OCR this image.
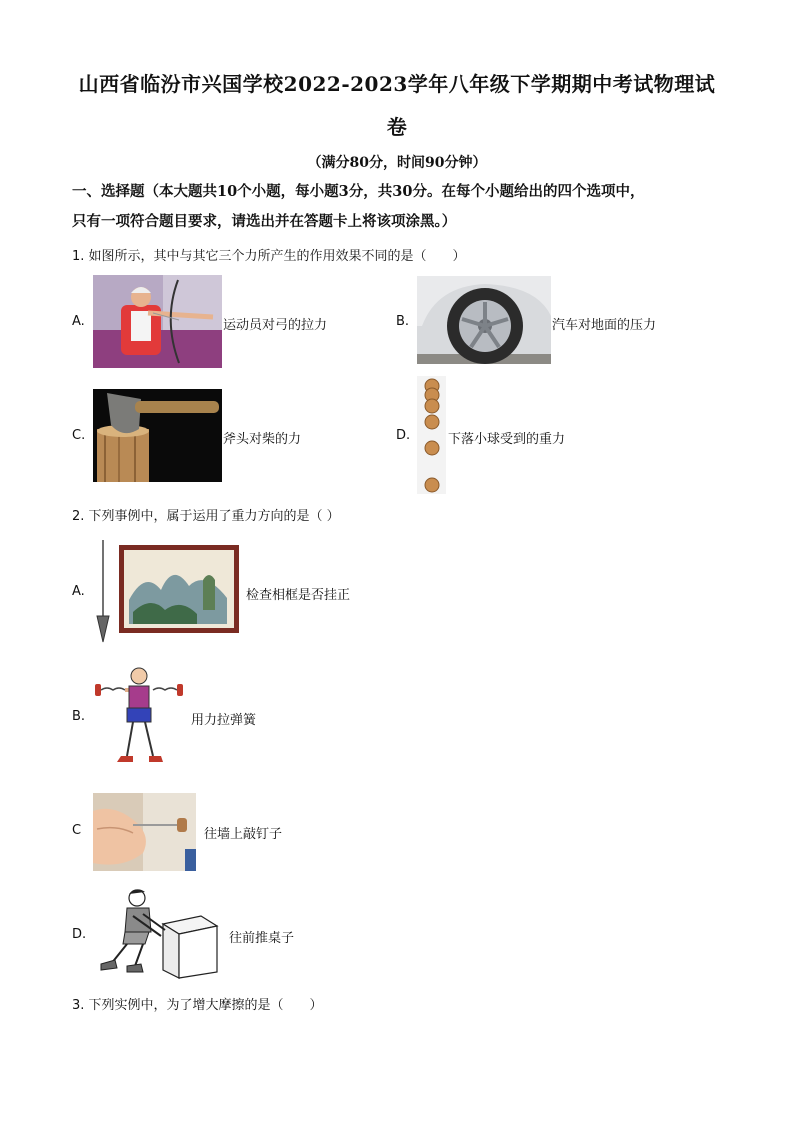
山西省临汾市兴国学校2022-2023学年八年级下学期期中考试物理试
卷
（满分80分，时间90分钟）
一、选择题（本大题共10个小题，每小题3分，共30分。在每个小题给出的四个选项中，
只有一项符合题目要求，请选出并在答题卡上将该项涂黑。）
1. 如图所示，其中与其它三个力所产生的作用效果不同的是（　　）
A.	运动员对弓的拉力	B.	汽车对地面的压力
C.	斧头对柴的力	D.	下落小球受到的重力
2. 下列事例中，属于运用了重力方向的是（ ）
A.	检查相框是否挂正
B.	用力拉弹簧
C	往墙上敲钉子
D.	往前推桌子
3. 下列实例中，为了增大摩擦的是（　　）
